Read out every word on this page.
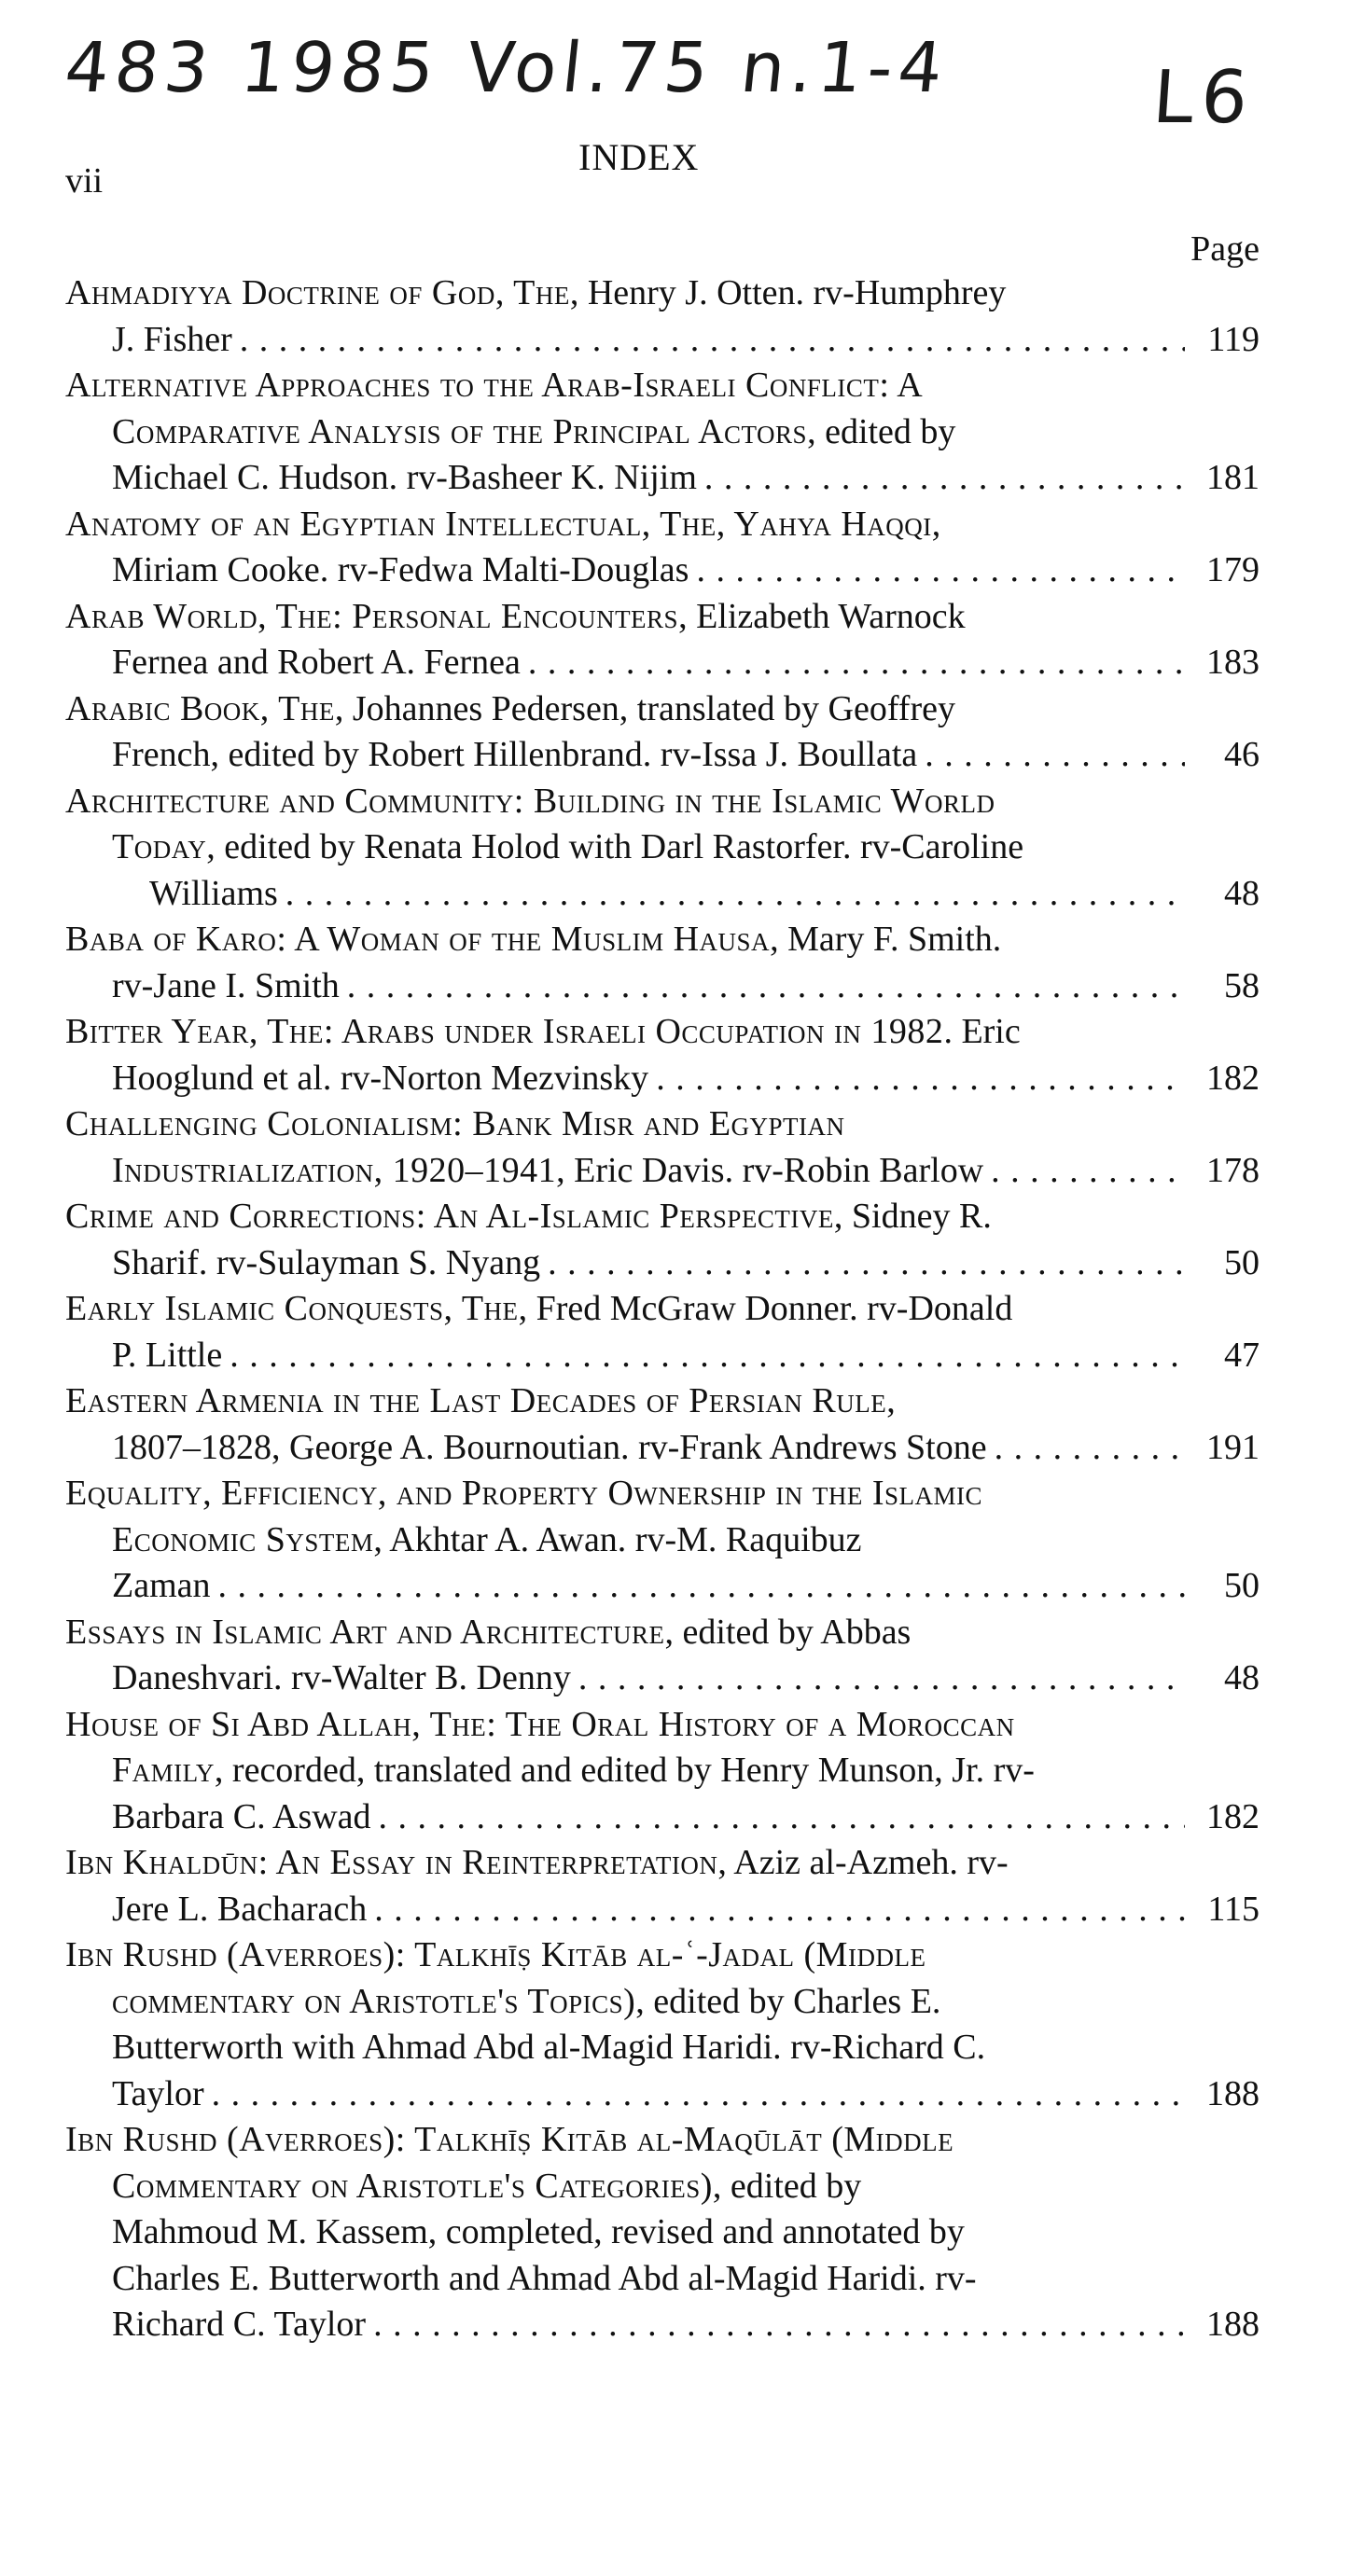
483 1985 Vol.75 n.1-4	L6
vii
INDEX
Page
Ahmadiyya Doctrine of God, The, Henry J. Otten. rv-Humphrey
J. Fisher . . .	119
Alternative Approaches to the Arab-Israeli Conflict: A
Comparative Analysis of the Principal Actors, edited by
Michael C. Hudson. rv-Basheer K. Nijim . . .	181
Anatomy of an Egyptian Intellectual, The, Yahya Haqqi,
Miriam Cooke. rv-Fedwa Malti-Douglas . . .	179
Arab World, The: Personal Encounters, Elizabeth Warnock
Fernea and Robert A. Fernea . . .	183
Arabic Book, The, Johannes Pedersen, translated by Geoffrey
French, edited by Robert Hillenbrand. rv-Issa J. Boullata . . .	46
Architecture and Community: Building in the Islamic World
Today, edited by Renata Holod with Darl Rastorfer. rv-Caroline
Williams . . .	48
Baba of Karo: A Woman of the Muslim Hausa, Mary F. Smith.
rv-Jane I. Smith . . .	58
Bitter Year, The: Arabs under Israeli Occupation in 1982. Eric
Hooglund et al. rv-Norton Mezvinsky . . .	182
Challenging Colonialism: Bank Misr and Egyptian
Industrialization, 1920–1941, Eric Davis. rv-Robin Barlow . . .	178
Crime and Corrections: An Al-Islamic Perspective, Sidney R.
Sharif. rv-Sulayman S. Nyang . . .	50
Early Islamic Conquests, The, Fred McGraw Donner. rv-Donald
P. Little . . .	47
Eastern Armenia in the Last Decades of Persian Rule,
1807–1828, George A. Bournoutian. rv-Frank Andrews Stone . . .	191
Equality, Efficiency, and Property Ownership in the Islamic
Economic System, Akhtar A. Awan. rv-M. Raquibuz
Zaman . . .	50
Essays in Islamic Art and Architecture, edited by Abbas
Daneshvari. rv-Walter B. Denny . . .	48
House of Si Abd Allah, The: The Oral History of a Moroccan
Family, recorded, translated and edited by Henry Munson, Jr. rv-
Barbara C. Aswad . . .	182
Ibn Khaldūn: An Essay in Reinterpretation, Aziz al-Azmeh. rv-
Jere L. Bacharach . . .	115
Ibn Rushd (Averroes): Talkhīṣ Kitāb al-ʿ-Jadal (Middle
commentary on Aristotle's Topics), edited by Charles E.
Butterworth with Ahmad Abd al-Magid Haridi. rv-Richard C.
Taylor . . .	188
Ibn Rushd (Averroes): Talkhīṣ Kitāb al-Maqūlāt (Middle
Commentary on Aristotle's Categories), edited by
Mahmoud M. Kassem, completed, revised and annotated by
Charles E. Butterworth and Ahmad Abd al-Magid Haridi. rv-
Richard C. Taylor . . .	188
